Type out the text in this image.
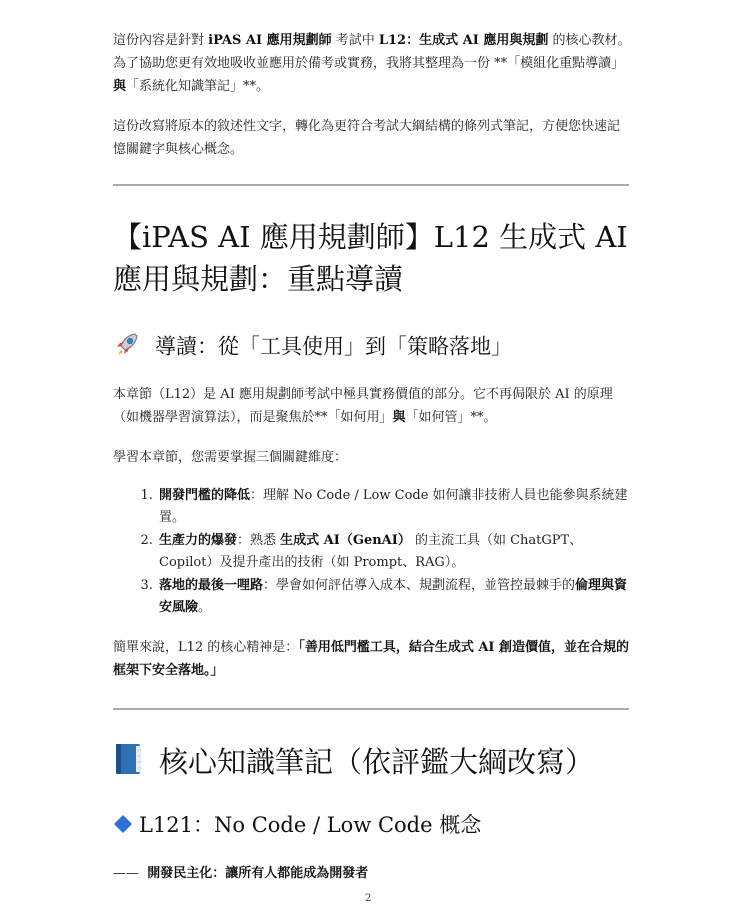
這份內容是針對 iPAS AI 應用規劃師 考試中 L12：生成式 AI 應用與規劃 的核心教材。為了協助您更有效地吸收並應用於備考或實務，我將其整理為一份 **「模組化重點導讀」與「系統化知識筆記」**。

這份改寫將原本的敘述性文字，轉化為更符合考試大綱結構的條列式筆記，方便您快速記憶關鍵字與核心概念。

【iPAS AI 應用規劃師】L12 生成式 AI 應用與規劃：重點導讀
導讀：從「工具使用」到「策略落地」

本章節（L12）是 AI 應用規劃師考試中極具實務價值的部分。它不再侷限於 AI 的原理（如機器學習演算法），而是聚焦於**「如何用」與「如何管」**。

學習本章節，您需要掌握三個關鍵維度：

1. 開發門檻的降低：理解 No Code / Low Code 如何讓非技術人員也能參與系統建置。
2. 生產力的爆發：熟悉 生成式 AI（GenAI） 的主流工具（如 ChatGPT、Copilot）及提升產出的技術（如 Prompt、RAG）。
3. 落地的最後一哩路：學會如何評估導入成本、規劃流程，並管控最棘手的倫理與資安風險。

簡單來說，L12 的核心精神是：「善用低門檻工具，結合生成式 AI 創造價值，並在合規的框架下安全落地。」

核心知識筆記（依評鑑大綱改寫）
L121：No Code / Low Code 概念

—— 開發民主化：讓所有人都能成為開發者

2
